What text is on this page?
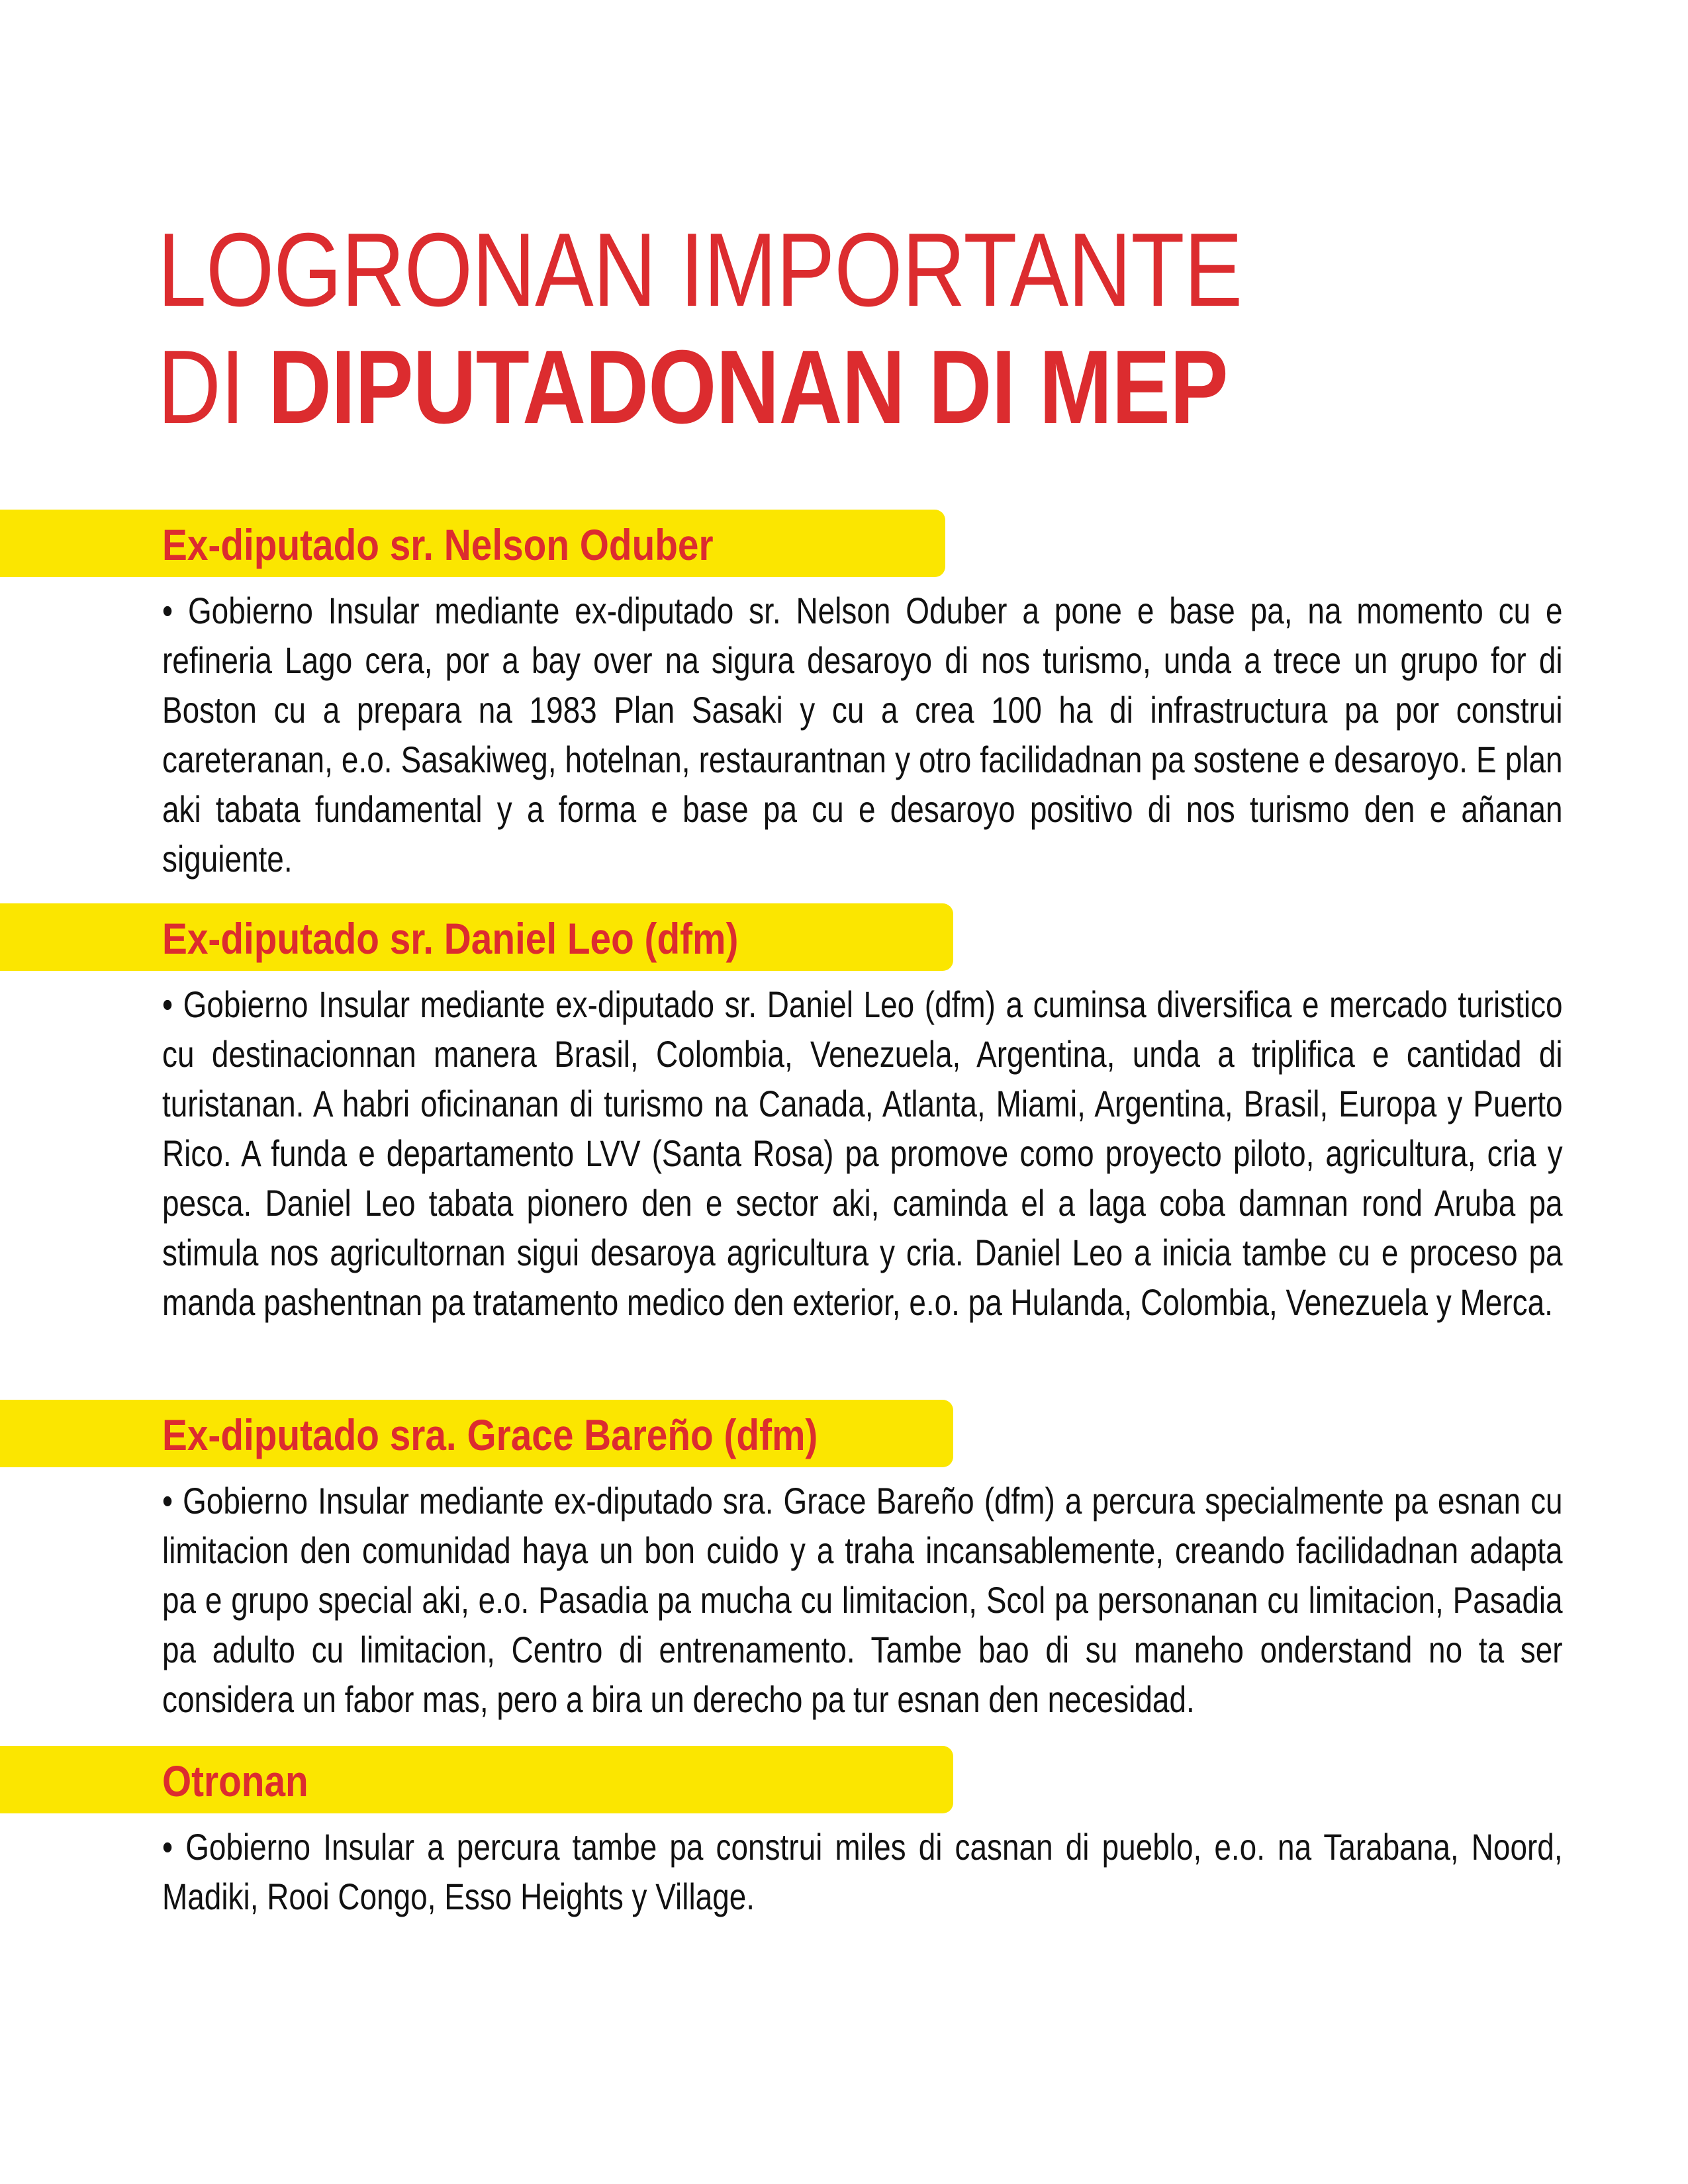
LOGRONAN IMPORTANTE
DI DIPUTADONAN DI MEP
Ex-diputado sr. Nelson Oduber

• Gobierno Insular mediante ex-diputado sr. Nelson Oduber a pone e base pa, na momento cu e refineria Lago cera, por a bay over na sigura desaroyo di nos turismo, unda a trece un grupo for di Boston cu a prepara na 1983 Plan Sasaki y cu a crea 100 ha di infrastructura pa por construi careteranan, e.o. Sasakiweg, hotelnan, restaurantnan y otro facilidadnan pa sostene e desaroyo. E plan aki tabata fundamental y a forma e base pa cu e desaroyo positivo di nos turismo den e añanan siguiente.

Ex-diputado sr. Daniel Leo (dfm)

• Gobierno Insular mediante ex-diputado sr. Daniel Leo (dfm) a cuminsa diversifica e mercado turistico cu destinacionnan manera Brasil, Colombia, Venezuela, Argentina, unda a triplifica e cantidad di turistanan. A habri oficinanan di turismo na Canada, Atlanta, Miami, Argentina, Brasil, Europa y Puerto Rico. A funda e departamento LVV (Santa Rosa) pa promove como proyecto piloto, agricultura, cria y pesca. Daniel Leo tabata pionero den e sector aki, caminda el a laga coba damnan rond Aruba pa stimula nos agricultornan sigui desaroya agricultura y cria. Daniel Leo a inicia tambe cu e proceso pa manda pashentnan pa tratamento medico den exterior, e.o. pa Hulanda, Colombia, Venezuela y Merca.

Ex-diputado sra. Grace Bareño (dfm)

• Gobierno Insular mediante ex-diputado sra. Grace Bareño (dfm) a percura specialmente pa esnan cu limitacion den comunidad haya un bon cuido y a traha incansablemente, creando facilidadnan adapta pa e grupo special aki, e.o. Pasadia pa mucha cu limitacion, Scol pa personanan cu limitacion, Pasadia pa adulto cu limitacion, Centro di entrenamento. Tambe bao di su maneho onderstand no ta ser considera un fabor mas, pero a bira un derecho pa tur esnan den necesidad.

Otronan

• Gobierno Insular a percura tambe pa construi miles di casnan di pueblo, e.o. na Tarabana, Noord, Madiki, Rooi Congo, Esso Heights y Village.
